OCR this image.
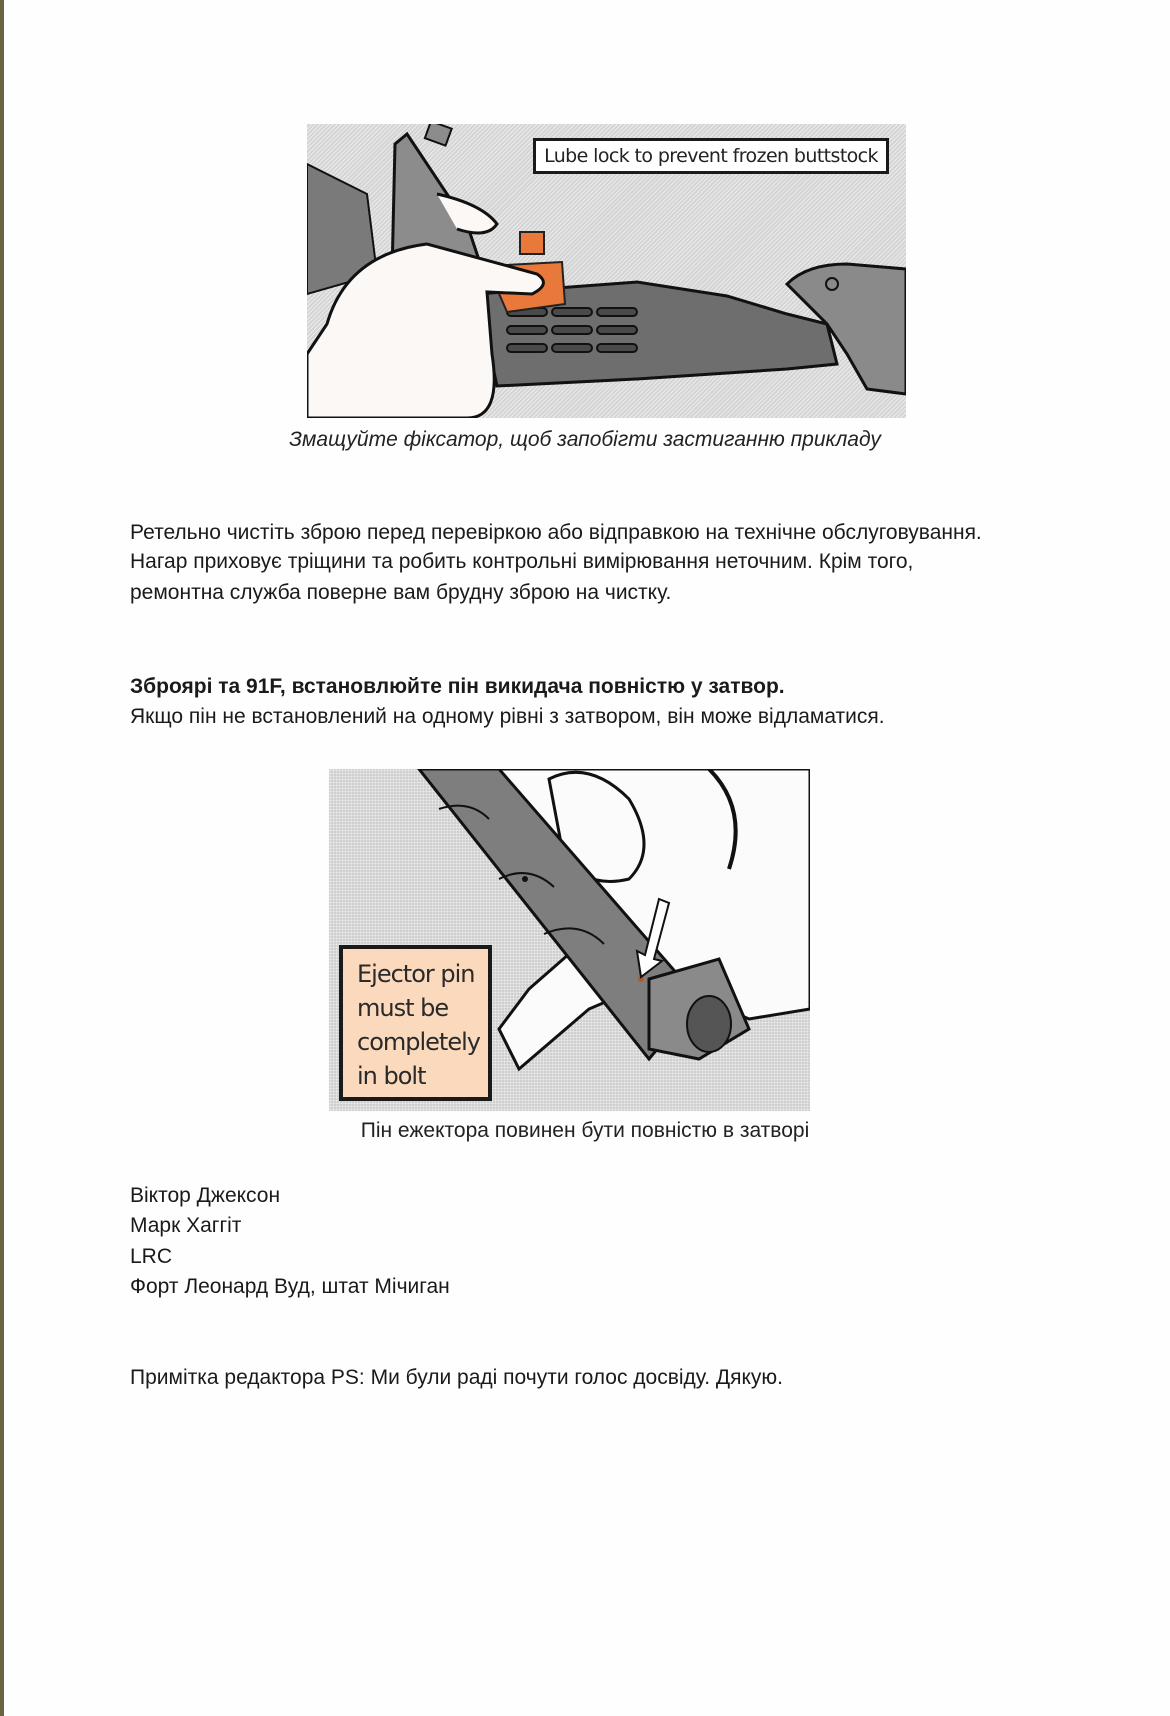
Lube lock to prevent frozen buttstock
Змащуйте фіксатор, щоб запобігти застиганню прикладу
Ретельно чистіть зброю перед перевіркою або відправкою на технічне обслуговування.
Нагар приховує тріщини та робить контрольні вимірювання неточним. Крім того,
ремонтна служба поверне вам брудну зброю на чистку.
Зброярі та 91F, встановлюйте пін викидача повністю у затвор.
Якщо пін не встановлений на одному рівні з затвором, він може відламатися.
Ejector pin
must be
completely
in bolt
Пін ежектора повинен бути повністю в затворі
Віктор Джексон
Марк Хаггіт
LRC
Форт Леонард Вуд, штат Мічиган
Примітка редактора PS: Ми були раді почути голос досвіду. Дякую.
